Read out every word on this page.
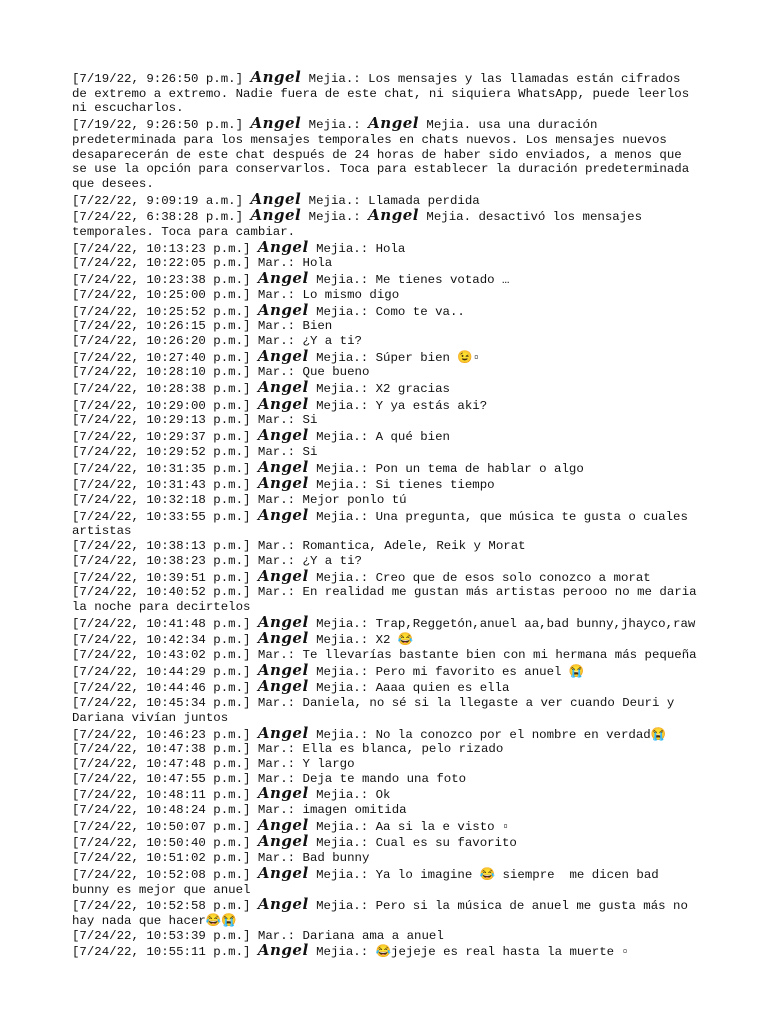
[7/19/22, 9:26:50 p.m.] 𝑨𝒏𝒈𝒆𝒍 Mejia.: Los mensajes y las llamadas están cifrados de extremo a extremo. Nadie fuera de este chat, ni siquiera WhatsApp, puede leerlos ni escucharlos.
[7/19/22, 9:26:50 p.m.] 𝑨𝒏𝒈𝒆𝒍 Mejia.: 𝑨𝒏𝒈𝒆𝒍 Mejia. usa una duración predeterminada para los mensajes temporales en chats nuevos. Los mensajes nuevos desaparecerán de este chat después de 24 horas de haber sido enviados, a menos que se use la opción para conservarlos. Toca para establecer la duración predeterminada que desees.
[7/22/22, 9:09:19 a.m.] 𝑨𝒏𝒈𝒆𝒍 Mejia.: Llamada perdida
[7/24/22, 6:38:28 p.m.] 𝑨𝒏𝒈𝒆𝒍 Mejia.: 𝑨𝒏𝒈𝒆𝒍 Mejia. desactivó los mensajes temporales. Toca para cambiar.
[7/24/22, 10:13:23 p.m.] 𝑨𝒏𝒈𝒆𝒍 Mejia.: Hola
[7/24/22, 10:22:05 p.m.] Mar.: Hola
[7/24/22, 10:23:38 p.m.] 𝑨𝒏𝒈𝒆𝒍 Mejia.: Me tienes votado …
[7/24/22, 10:25:00 p.m.] Mar.: Lo mismo digo
[7/24/22, 10:25:52 p.m.] 𝑨𝒏𝒈𝒆𝒍 Mejia.: Como te va..
[7/24/22, 10:26:15 p.m.] Mar.: Bien
[7/24/22, 10:26:20 p.m.] Mar.: ¿Y a ti?
[7/24/22, 10:27:40 p.m.] 𝑨𝒏𝒈𝒆𝒍 Mejia.: Súper bien 😉▫
[7/24/22, 10:28:10 p.m.] Mar.: Que bueno
[7/24/22, 10:28:38 p.m.] 𝑨𝒏𝒈𝒆𝒍 Mejia.: X2 gracias
[7/24/22, 10:29:00 p.m.] 𝑨𝒏𝒈𝒆𝒍 Mejia.: Y ya estás aki?
[7/24/22, 10:29:13 p.m.] Mar.: Si
[7/24/22, 10:29:37 p.m.] 𝑨𝒏𝒈𝒆𝒍 Mejia.: A qué bien
[7/24/22, 10:29:52 p.m.] Mar.: Si
[7/24/22, 10:31:35 p.m.] 𝑨𝒏𝒈𝒆𝒍 Mejia.: Pon un tema de hablar o algo
[7/24/22, 10:31:43 p.m.] 𝑨𝒏𝒈𝒆𝒍 Mejia.: Si tienes tiempo
[7/24/22, 10:32:18 p.m.] Mar.: Mejor ponlo tú
[7/24/22, 10:33:55 p.m.] 𝑨𝒏𝒈𝒆𝒍 Mejia.: Una pregunta, que música te gusta o cuales artistas
[7/24/22, 10:38:13 p.m.] Mar.: Romantica, Adele, Reik y Morat
[7/24/22, 10:38:23 p.m.] Mar.: ¿Y a ti?
[7/24/22, 10:39:51 p.m.] 𝑨𝒏𝒈𝒆𝒍 Mejia.: Creo que de esos solo conozco a morat
[7/24/22, 10:40:52 p.m.] Mar.: En realidad me gustan más artistas perooo no me daria la noche para decirtelos
[7/24/22, 10:41:48 p.m.] 𝑨𝒏𝒈𝒆𝒍 Mejia.: Trap,Reggetón,anuel aa,bad bunny,jhayco,raw
[7/24/22, 10:42:34 p.m.] 𝑨𝒏𝒈𝒆𝒍 Mejia.: X2 😂
[7/24/22, 10:43:02 p.m.] Mar.: Te llevarías bastante bien con mi hermana más pequeña
[7/24/22, 10:44:29 p.m.] 𝑨𝒏𝒈𝒆𝒍 Mejia.: Pero mi favorito es anuel 😭
[7/24/22, 10:44:46 p.m.] 𝑨𝒏𝒈𝒆𝒍 Mejia.: Aaaa quien es ella
[7/24/22, 10:45:34 p.m.] Mar.: Daniela, no sé si la llegaste a ver cuando Deuri y Dariana vivían juntos
[7/24/22, 10:46:23 p.m.] 𝑨𝒏𝒈𝒆𝒍 Mejia.: No la conozco por el nombre en verdad😭
[7/24/22, 10:47:38 p.m.] Mar.: Ella es blanca, pelo rizado
[7/24/22, 10:47:48 p.m.] Mar.: Y largo
[7/24/22, 10:47:55 p.m.] Mar.: Deja te mando una foto
[7/24/22, 10:48:11 p.m.] 𝑨𝒏𝒈𝒆𝒍 Mejia.: Ok
[7/24/22, 10:48:24 p.m.] Mar.: imagen omitida
[7/24/22, 10:50:07 p.m.] 𝑨𝒏𝒈𝒆𝒍 Mejia.: Aa si la e visto ▫
[7/24/22, 10:50:40 p.m.] 𝑨𝒏𝒈𝒆𝒍 Mejia.: Cual es su favorito
[7/24/22, 10:51:02 p.m.] Mar.: Bad bunny
[7/24/22, 10:52:08 p.m.] 𝑨𝒏𝒈𝒆𝒍 Mejia.: Ya lo imagine 😂 siempre  me dicen bad bunny es mejor que anuel
[7/24/22, 10:52:58 p.m.] 𝑨𝒏𝒈𝒆𝒍 Mejia.: Pero si la música de anuel me gusta más no hay nada que hacer😂😭
[7/24/22, 10:53:39 p.m.] Mar.: Dariana ama a anuel
[7/24/22, 10:55:11 p.m.] 𝑨𝒏𝒈𝒆𝒍 Mejia.: 😂jejeje es real hasta la muerte ▫
